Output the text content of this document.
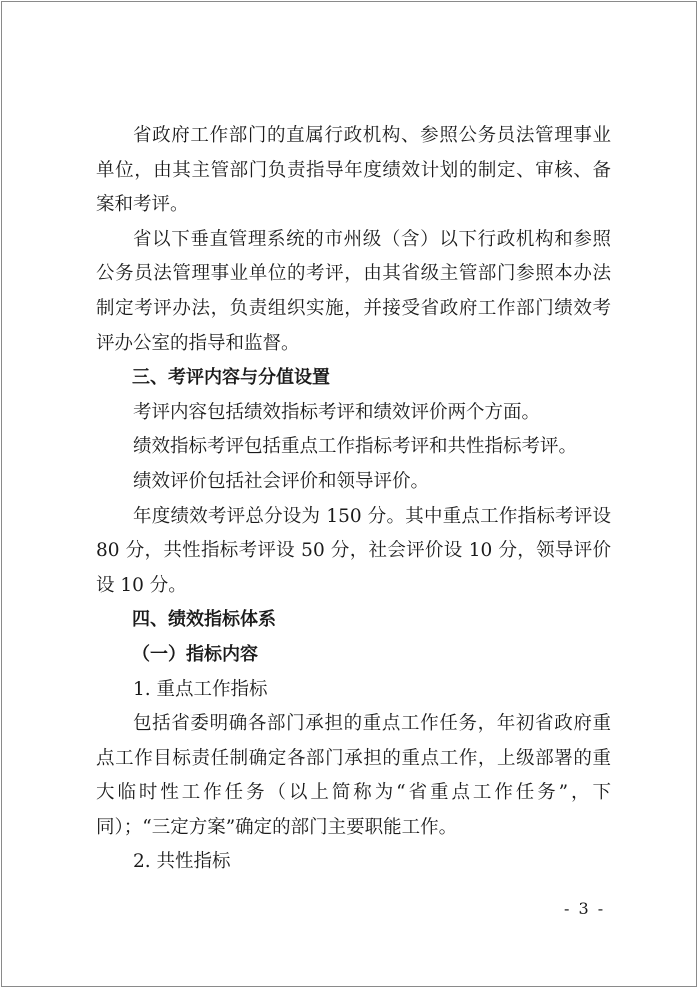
省政府工作部门的直属行政机构、参照公务员法管理事业单位，由其主管部门负责指导年度绩效计划的制定、审核、备案和考评。

省以下垂直管理系统的市州级（含）以下行政机构和参照公务员法管理事业单位的考评，由其省级主管部门参照本办法制定考评办法，负责组织实施，并接受省政府工作部门绩效考评办公室的指导和监督。

三、考评内容与分值设置

考评内容包括绩效指标考评和绩效评价两个方面。

绩效指标考评包括重点工作指标考评和共性指标考评。

绩效评价包括社会评价和领导评价。

年度绩效考评总分设为 150 分。其中重点工作指标考评设 80 分，共性指标考评设 50 分，社会评价设 10 分，领导评价设 10 分。

四、绩效指标体系

（一）指标内容

1. 重点工作指标

包括省委明确各部门承担的重点工作任务，年初省政府重点工作目标责任制确定各部门承担的重点工作，上级部署的重大临时性工作任务（以上简称为“省重点工作任务”，下同）；“三定方案”确定的部门主要职能工作。

2. 共性指标

- 3 -
